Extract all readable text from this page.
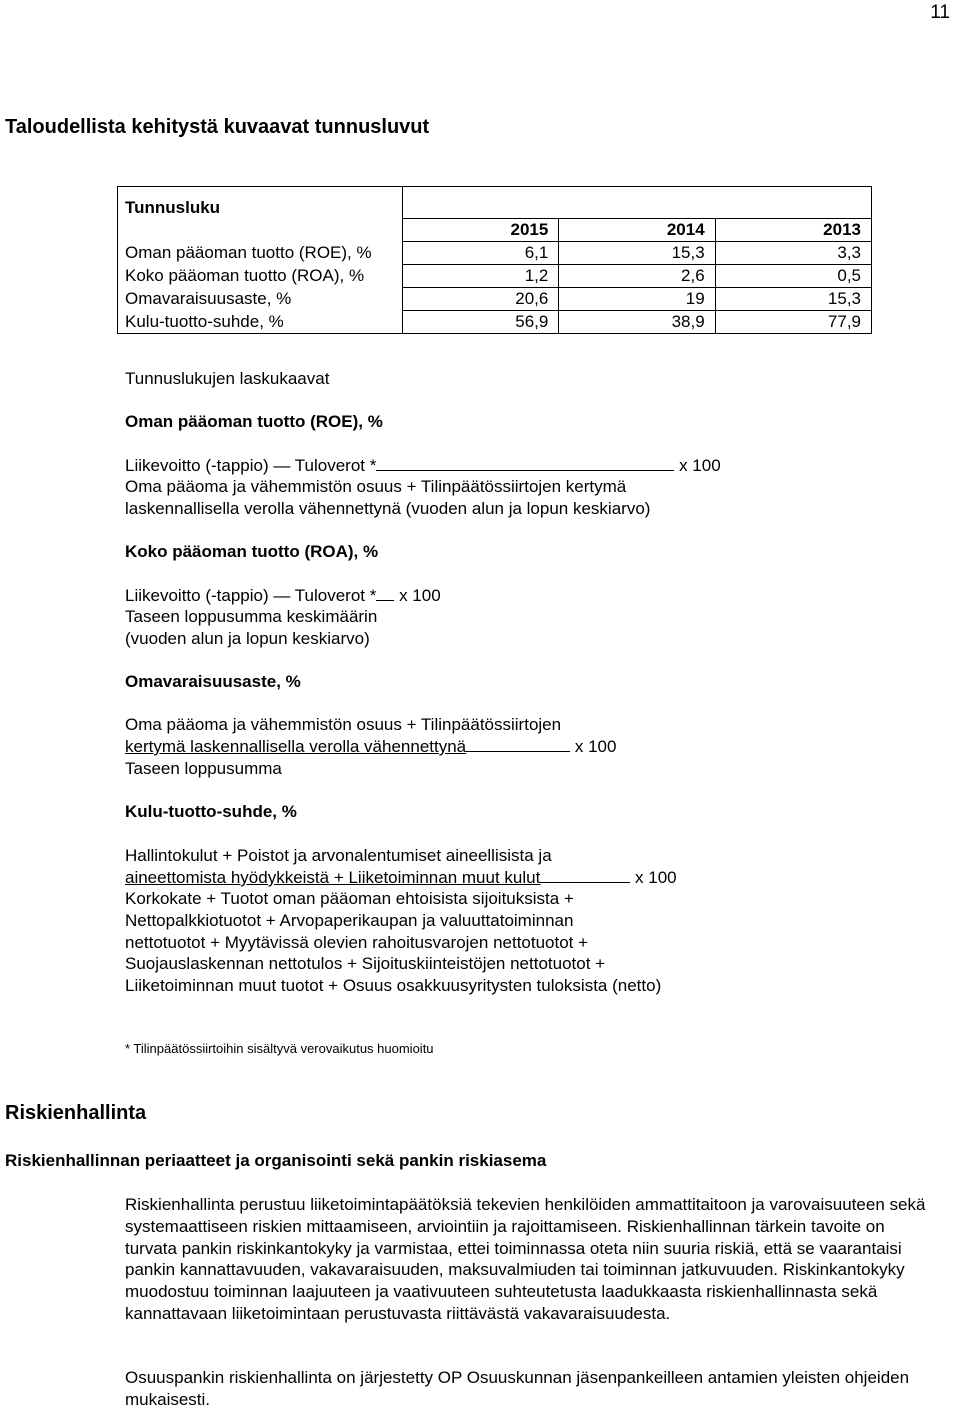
11
Taloudellista kehitystä kuvaavat tunnusluvut
Tunnusluku			
	2015	2014	2013
Oman pääoman tuotto (ROE), %	6,1	15,3	3,3
Koko pääoman tuotto (ROA), %	1,2	2,6	0,5
Omavaraisuusaste, %	20,6	19	15,3
Kulu-tuotto-suhde, %	56,9	38,9	77,9
Tunnuslukujen laskukaavat
Oman pääoman tuotto (ROE), %
Liikevoitto (-tappio) — Tuloverot *	x 100
Oma pääoma ja vähemmistön osuus + Tilinpäätössiirtojen kertymä
laskennallisella verolla vähennettynä (vuoden alun ja lopun keskiarvo)
Koko pääoman tuotto (ROA), %
Liikevoitto (-tappio) — Tuloverot * x 100
Taseen loppusumma keskimäärin
(vuoden alun ja lopun keskiarvo)
Omavaraisuusaste, %
Oma pääoma ja vähemmistön osuus + Tilinpäätössiirtojen
kertymä laskennallisella verolla vähennettynä	x 100
Taseen loppusumma
Kulu-tuotto-suhde, %
Hallintokulut + Poistot ja arvonalentumiset aineellisista ja
aineettomista hyödykkeistä + Liiketoiminnan muut kulut	x 100
Korkokate + Tuotot oman pääoman ehtoisista sijoituksista +
Nettopalkkiotuotot + Arvopaperikaupan ja valuuttatoiminnan
nettotuotot + Myytävissä olevien rahoitusvarojen nettotuotot +
Suojauslaskennan nettotulos + Sijoituskiinteistöjen nettotuotot +
Liiketoiminnan muut tuotot + Osuus osakkuusyritysten tuloksista (netto)
* Tilinpäätössiirtoihin sisältyvä verovaikutus huomioitu
Riskienhallinta
Riskienhallinnan periaatteet ja organisointi sekä pankin riskiasema
Riskienhallinta perustuu liiketoimintapäätöksiä tekevien henkilöiden ammattitaitoon ja varovaisuuteen sekä systemaattiseen riskien mittaamiseen, arviointiin ja rajoittamiseen. Riskienhallinnan tärkein tavoite on turvata pankin riskinkantokyky ja varmistaa, ettei toiminnassa oteta niin suuria riskiä, että se vaarantaisi pankin kannattavuuden, vakavaraisuuden, maksuvalmiuden tai toiminnan jatkuvuuden. Riskinkantokyky muodostuu toiminnan laajuuteen ja vaativuuteen suhteutetusta laadukkaasta riskienhallinnasta sekä kannattavaan liiketoimintaan perustuvasta riittävästä vakavaraisuudesta.
Osuuspankin riskienhallinta on järjestetty OP Osuuskunnan jäsenpankeilleen antamien yleisten ohjeiden mukaisesti.
